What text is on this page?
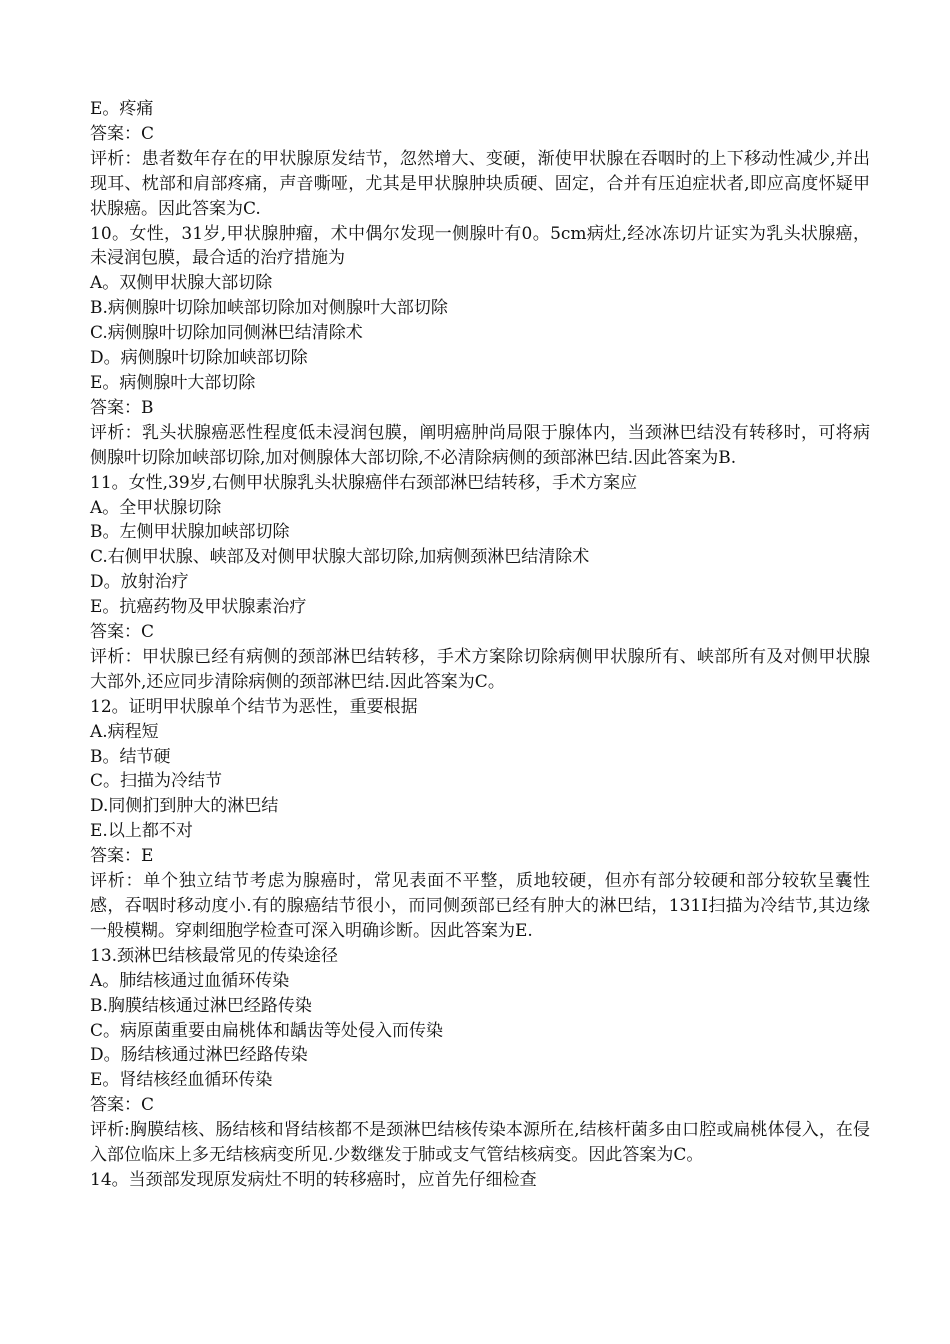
E。疼痛
答案：C
评析：患者数年存在的甲状腺原发结节，忽然增大、变硬，渐使甲状腺在吞咽时的上下移动性减少,并出现耳、枕部和肩部疼痛，声音嘶哑，尤其是甲状腺肿块质硬、固定，合并有压迫症状者,即应高度怀疑甲状腺癌。因此答案为C.
10。女性，31岁,甲状腺肿瘤，术中偶尔发现一侧腺叶有0。5cm病灶,经冰冻切片证实为乳头状腺癌，未浸润包膜，最合适的治疗措施为
A。双侧甲状腺大部切除
B.病侧腺叶切除加峡部切除加对侧腺叶大部切除
C.病侧腺叶切除加同侧淋巴结清除术
D。病侧腺叶切除加峡部切除
E。病侧腺叶大部切除
答案：B
评析：乳头状腺癌恶性程度低未浸润包膜，阐明癌肿尚局限于腺体内，当颈淋巴结没有转移时，可将病侧腺叶切除加峡部切除,加对侧腺体大部切除,不必清除病侧的颈部淋巴结.因此答案为B.
11。女性,39岁,右侧甲状腺乳头状腺癌伴右颈部淋巴结转移，手术方案应
A。全甲状腺切除
B。左侧甲状腺加峡部切除
C.右侧甲状腺、峡部及对侧甲状腺大部切除,加病侧颈淋巴结清除术
D。放射治疗
E。抗癌药物及甲状腺素治疗
答案：C
评析：甲状腺已经有病侧的颈部淋巴结转移，手术方案除切除病侧甲状腺所有、峡部所有及对侧甲状腺大部外,还应同步清除病侧的颈部淋巴结.因此答案为C。
12。证明甲状腺单个结节为恶性，重要根据
A.病程短
B。结节硬
C。扫描为冷结节
D.同侧扪到肿大的淋巴结
E.以上都不对
答案：E
评析：单个独立结节考虑为腺癌时，常见表面不平整，质地较硬，但亦有部分较硬和部分较软呈囊性感，吞咽时移动度小.有的腺癌结节很小，而同侧颈部已经有肿大的淋巴结，131I扫描为冷结节,其边缘一般模糊。穿刺细胞学检查可深入明确诊断。因此答案为E.
13.颈淋巴结核最常见的传染途径
A。肺结核通过血循环传染
B.胸膜结核通过淋巴经路传染
C。病原菌重要由扁桃体和龋齿等处侵入而传染
D。肠结核通过淋巴经路传染
E。肾结核经血循环传染
答案：C
评析:胸膜结核、肠结核和肾结核都不是颈淋巴结核传染本源所在,结核杆菌多由口腔或扁桃体侵入，在侵入部位临床上多无结核病变所见.少数继发于肺或支气管结核病变。因此答案为C。
14。当颈部发现原发病灶不明的转移癌时，应首先仔细检查
